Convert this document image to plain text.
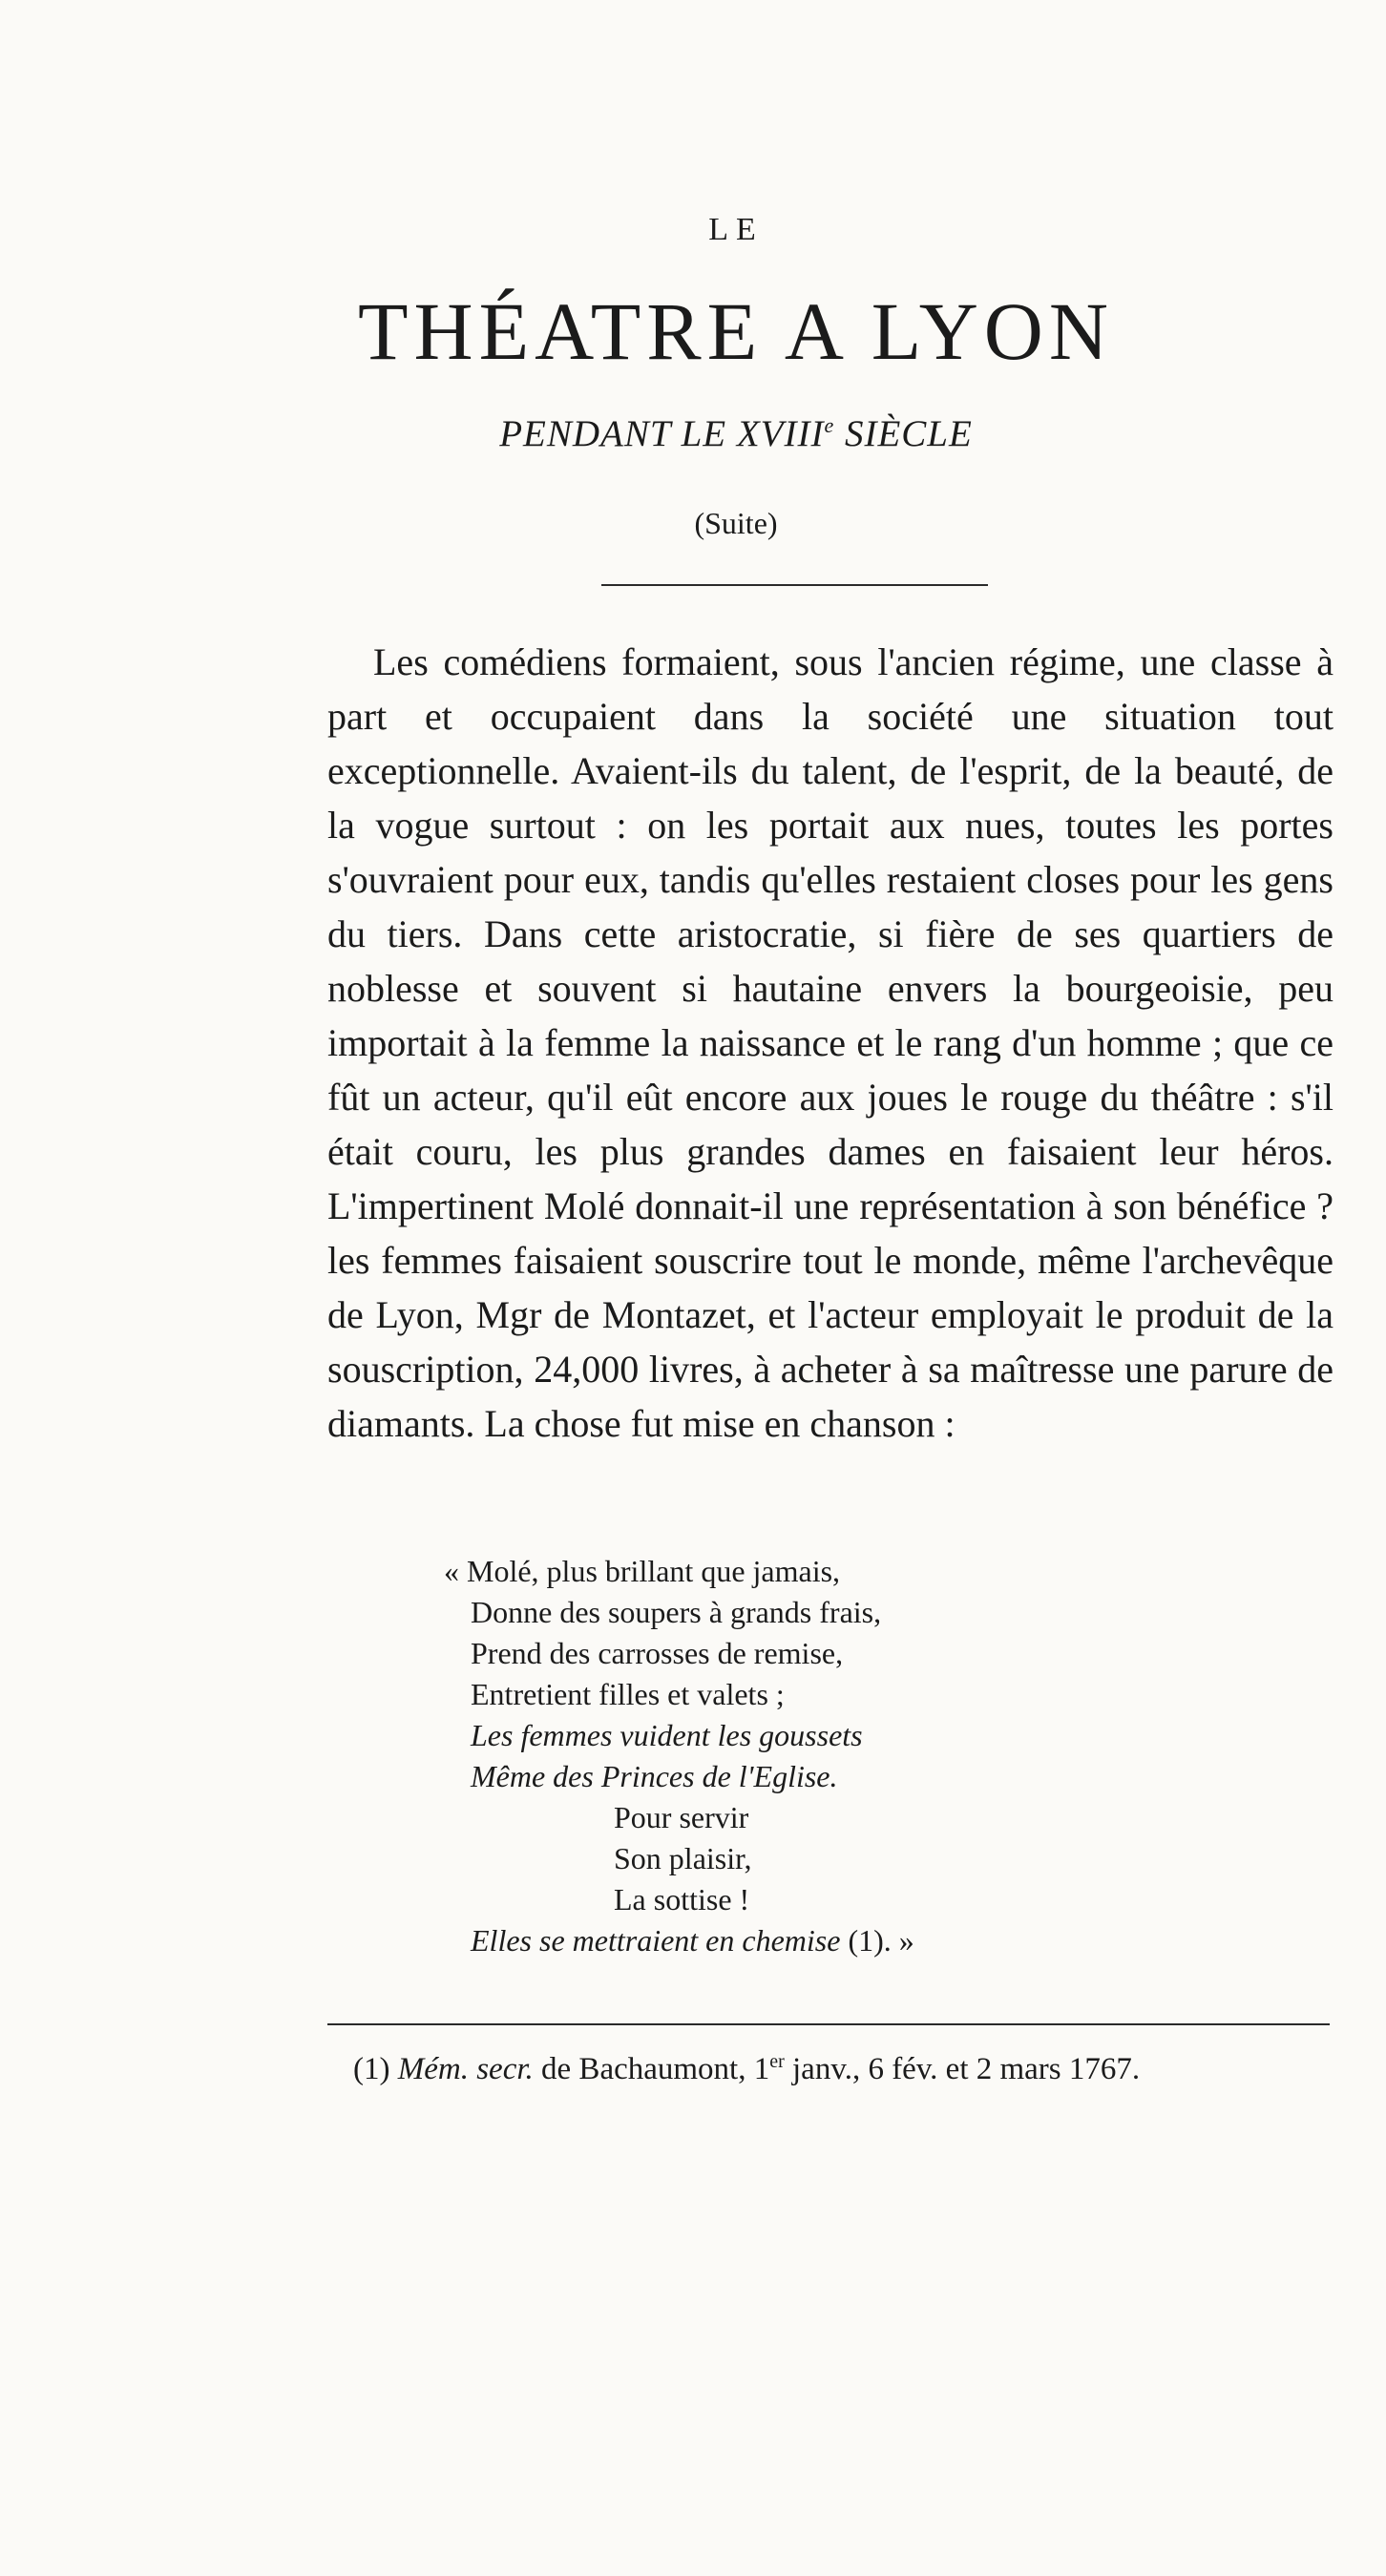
LE
THÉATRE A LYON
PENDANT LE XVIIIe SIÈCLE
(Suite)

Les comédiens formaient, sous l'ancien régime, une classe à part et occupaient dans la société une situation tout exceptionnelle. Avaient-ils du talent, de l'esprit, de la beauté, de la vogue surtout : on les portait aux nues, toutes les portes s'ouvraient pour eux, tandis qu'elles restaient closes pour les gens du tiers. Dans cette aristocratie, si fière de ses quartiers de noblesse et souvent si hautaine envers la bourgeoisie, peu importait à la femme la naissance et le rang d'un homme ; que ce fût un acteur, qu'il eût encore aux joues le rouge du théâtre : s'il était couru, les plus grandes dames en faisaient leur héros. L'impertinent Molé donnait-il une représentation à son bénéfice ? les femmes faisaient souscrire tout le monde, même l'archevêque de Lyon, Mgr de Montazet, et l'acteur employait le produit de la souscription, 24,000 livres, à acheter à sa maîtresse une parure de diamants. La chose fut mise en chanson :

« Molé, plus brillant que jamais,
Donne des soupers à grands frais,
Prend des carrosses de remise,
Entretient filles et valets ;
Les femmes vuident les goussets
Même des Princes de l'Eglise.
Pour servir
Son plaisir,
La sottise !
Elles se mettraient en chemise (1). »
(1) Mém. secr. de Bachaumont, 1er janv., 6 fév. et 2 mars 1767.
